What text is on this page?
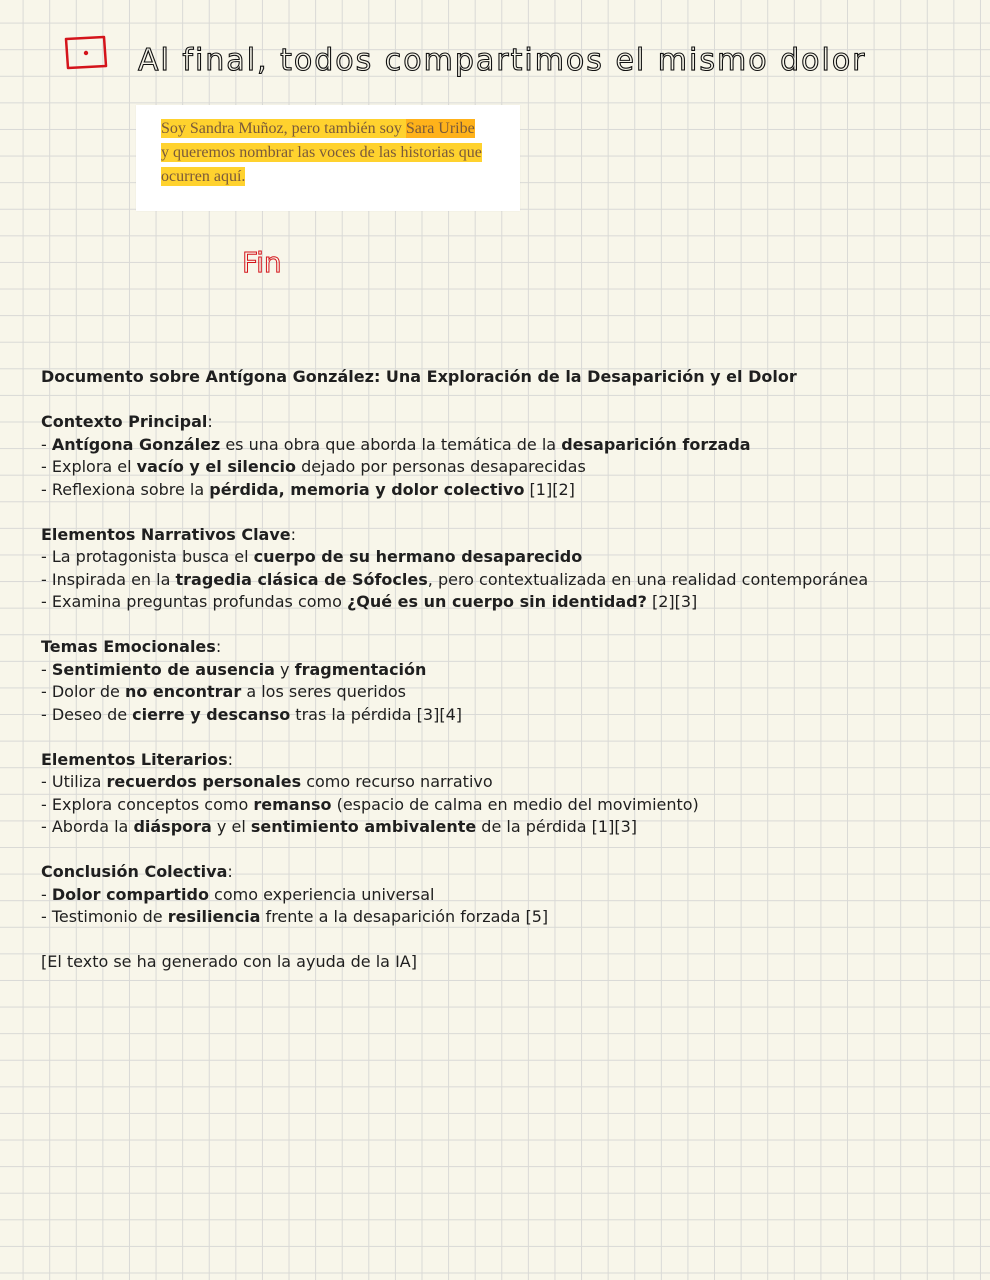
Al final, todos compartimos el mismo dolor
Soy Sandra Muñoz, pero también soy Sara Uribe
y queremos nombrar las voces de las historias que
ocurren aquí.
Fin

Documento sobre Antígona González: Una Exploración de la Desaparición y el Dolor

Contexto Principal:

- Antígona González es una obra que aborda la temática de la desaparición forzada

- Explora el vacío y el silencio dejado por personas desaparecidas

- Reflexiona sobre la pérdida, memoria y dolor colectivo [1][2]

Elementos Narrativos Clave:

- La protagonista busca el cuerpo de su hermano desaparecido

- Inspirada en la tragedia clásica de Sófocles, pero contextualizada en una realidad contemporánea

- Examina preguntas profundas como ¿Qué es un cuerpo sin identidad? [2][3]

Temas Emocionales:

- Sentimiento de ausencia y fragmentación

- Dolor de no encontrar a los seres queridos

- Deseo de cierre y descanso tras la pérdida [3][4]

Elementos Literarios:

- Utiliza recuerdos personales como recurso narrativo

- Explora conceptos como remanso (espacio de calma en medio del movimiento)

- Aborda la diáspora y el sentimiento ambivalente de la pérdida [1][3]

Conclusión Colectiva:

- Dolor compartido como experiencia universal

- Testimonio de resiliencia frente a la desaparición forzada [5]

[El texto se ha generado con la ayuda de la IA]
